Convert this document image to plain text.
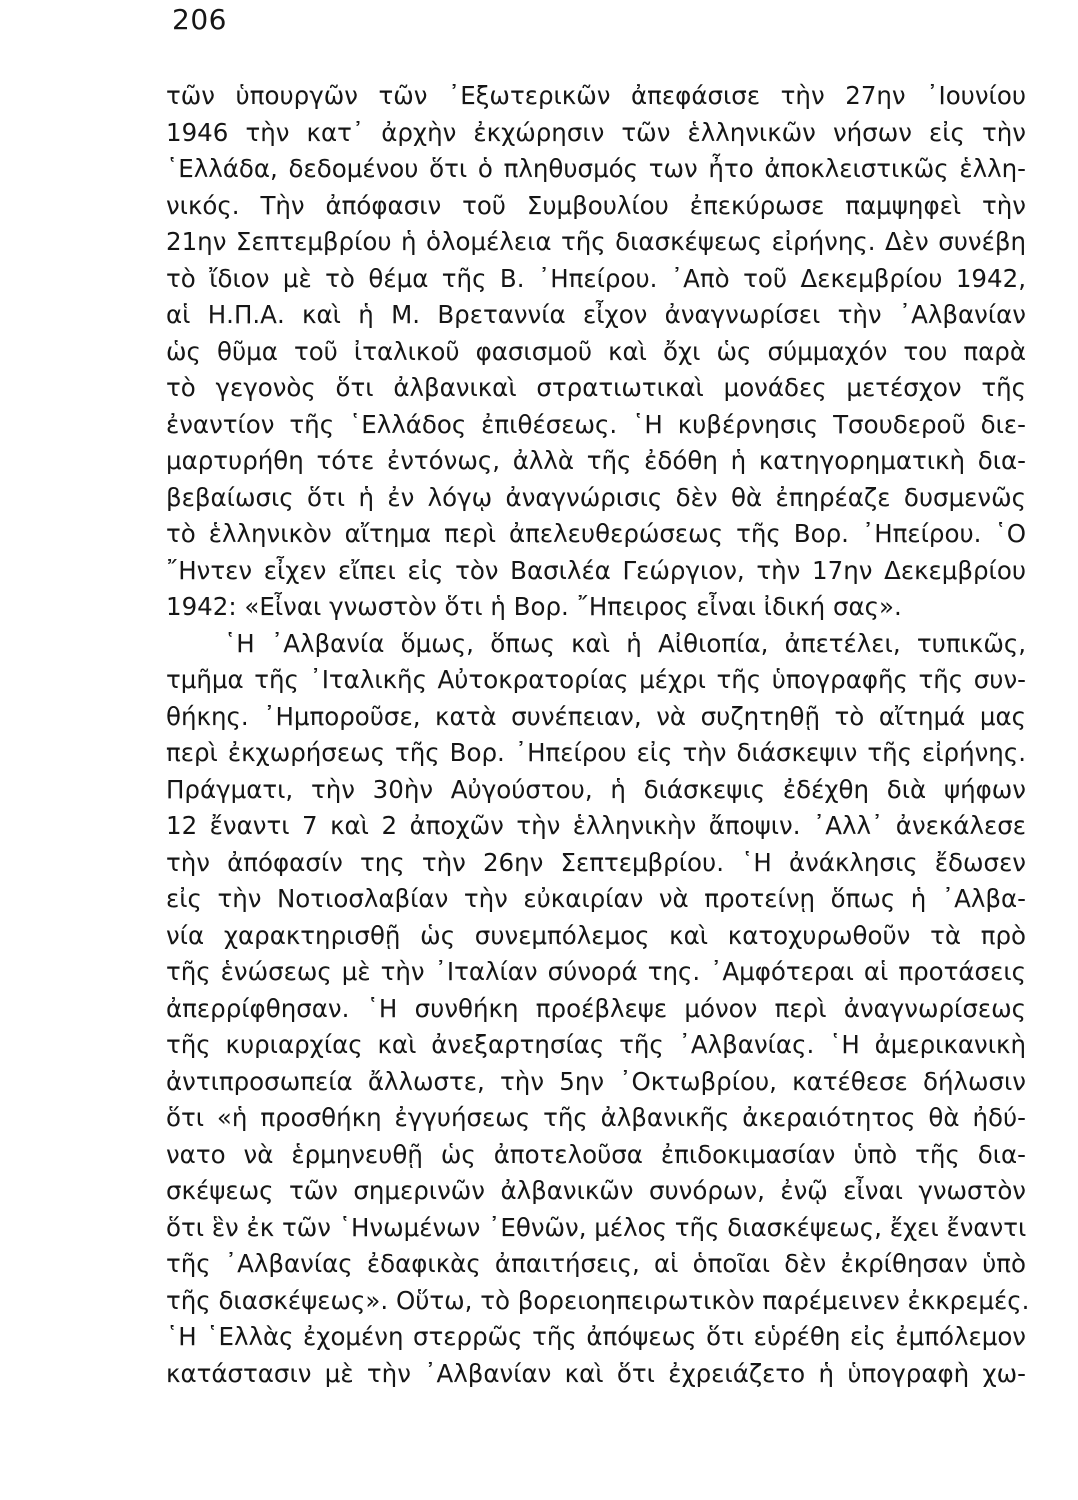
206
τῶν ὑπουργῶν τῶν ᾿Εξωτερικῶν ἀπεφάσισε τὴν 27ην ᾿Ιουνίου
1946 τὴν κατ᾿ ἀρχὴν ἐκχώρησιν τῶν ἑλληνικῶν νήσων εἰς τὴν
῾Ελλάδα, δεδομένου ὅτι ὁ πληθυσμός των ἦτο ἀποκλειστικῶς ἑλλη-
νικός. Τὴν ἀπόφασιν τοῦ Συμβουλίου ἐπεκύρωσε παμψηφεὶ τὴν
21ην Σεπτεμβρίου ἡ ὁλομέλεια τῆς διασκέψεως εἰρήνης. Δὲν συνέβη
τὸ ἴδιον μὲ τὸ θέμα τῆς Β. ᾿Ηπείρου. ᾿Απὸ τοῦ Δεκεμβρίου 1942,
αἱ Η.Π.Α. καὶ ἡ Μ. Βρεταννία εἶχον ἀναγνωρίσει τὴν ᾿Αλβανίαν
ὡς θῦμα τοῦ ἰταλικοῦ φασισμοῦ καὶ ὄχι ὡς σύμμαχόν του παρὰ
τὸ γεγονὸς ὅτι ἀλβανικαὶ στρατιωτικαὶ μονάδες μετέσχον τῆς
ἐναντίον τῆς ῾Ελλάδος ἐπιθέσεως. ῾Η κυβέρνησις Τσουδεροῦ διε-
μαρτυρήθη τότε ἐντόνως, ἀλλὰ τῆς ἐδόθη ἡ κατηγορηματικὴ δια-
βεβαίωσις ὅτι ἡ ἐν λόγῳ ἀναγνώρισις δὲν θὰ ἐπηρέαζε δυσμενῶς
τὸ ἑλληνικὸν αἴτημα περὶ ἀπελευθερώσεως τῆς Βορ. ᾿Ηπείρου. ῾Ο
῎Ηντεν εἶχεν εἴπει εἰς τὸν Βασιλέα Γεώργιον, τὴν 17ην Δεκεμβρίου
1942: «Εἶναι γνωστὸν ὅτι ἡ Βορ. ῎Ηπειρος εἶναι ἰδική σας».
῾Η ᾿Αλβανία ὅμως, ὅπως καὶ ἡ Αἰθιοπία, ἀπετέλει, τυπικῶς,
τμῆμα τῆς ᾿Ιταλικῆς Αὐτοκρατορίας μέχρι τῆς ὑπογραφῆς τῆς συν-
θήκης. ᾿Ημποροῦσε, κατὰ συνέπειαν, νὰ συζητηθῇ τὸ αἴτημά μας
περὶ ἐκχωρήσεως τῆς Βορ. ᾿Ηπείρου εἰς τὴν διάσκεψιν τῆς εἰρήνης.
Πράγματι, τὴν 30ὴν Αὐγούστου, ἡ διάσκεψις ἐδέχθη διὰ ψήφων
12 ἔναντι 7 καὶ 2 ἀποχῶν τὴν ἑλληνικὴν ἄποψιν. ᾿Αλλ᾿ ἀνεκάλεσε
τὴν ἀπόφασίν της τὴν 26ην Σεπτεμβρίου. ῾Η ἀνάκλησις ἔδωσεν
εἰς τὴν Νοτιοσλαβίαν τὴν εὐκαιρίαν νὰ προτείνῃ ὅπως ἡ ᾿Αλβα-
νία χαρακτηρισθῇ ὡς συνεμπόλεμος καὶ κατοχυρωθοῦν τὰ πρὸ
τῆς ἑνώσεως μὲ τὴν ᾿Ιταλίαν σύνορά της. ᾿Αμφότεραι αἱ προτάσεις
ἀπερρίφθησαν. ῾Η συνθήκη προέβλεψε μόνον περὶ ἀναγνωρίσεως
τῆς κυριαρχίας καὶ ἀνεξαρτησίας τῆς ᾿Αλβανίας. ῾Η ἀμερικανικὴ
ἀντιπροσωπεία ἄλλωστε, τὴν 5ην ᾿Οκτωβρίου, κατέθεσε δήλωσιν
ὅτι «ἡ προσθήκη ἐγγυήσεως τῆς ἀλβανικῆς ἀκεραιότητος θὰ ἠδύ-
νατο νὰ ἑρμηνευθῇ ὡς ἀποτελοῦσα ἐπιδοκιμασίαν ὑπὸ τῆς δια-
σκέψεως τῶν σημερινῶν ἀλβανικῶν συνόρων, ἐνῷ εἶναι γνωστὸν
ὅτι ἓν ἐκ τῶν ῾Ηνωμένων ᾿Εθνῶν, μέλος τῆς διασκέψεως, ἔχει ἔναντι
τῆς ᾿Αλβανίας ἐδαφικὰς ἀπαιτήσεις, αἱ ὁποῖαι δὲν ἐκρίθησαν ὑπὸ
τῆς διασκέψεως». Οὕτω, τὸ βορειοηπειρωτικὸν παρέμεινεν ἐκκρεμές.
῾Η ῾Ελλὰς ἐχομένη στερρῶς τῆς ἀπόψεως ὅτι εὑρέθη εἰς ἐμπόλεμον
κατάστασιν μὲ τὴν ᾿Αλβανίαν καὶ ὅτι ἐχρειάζετο ἡ ὑπογραφὴ χω-
